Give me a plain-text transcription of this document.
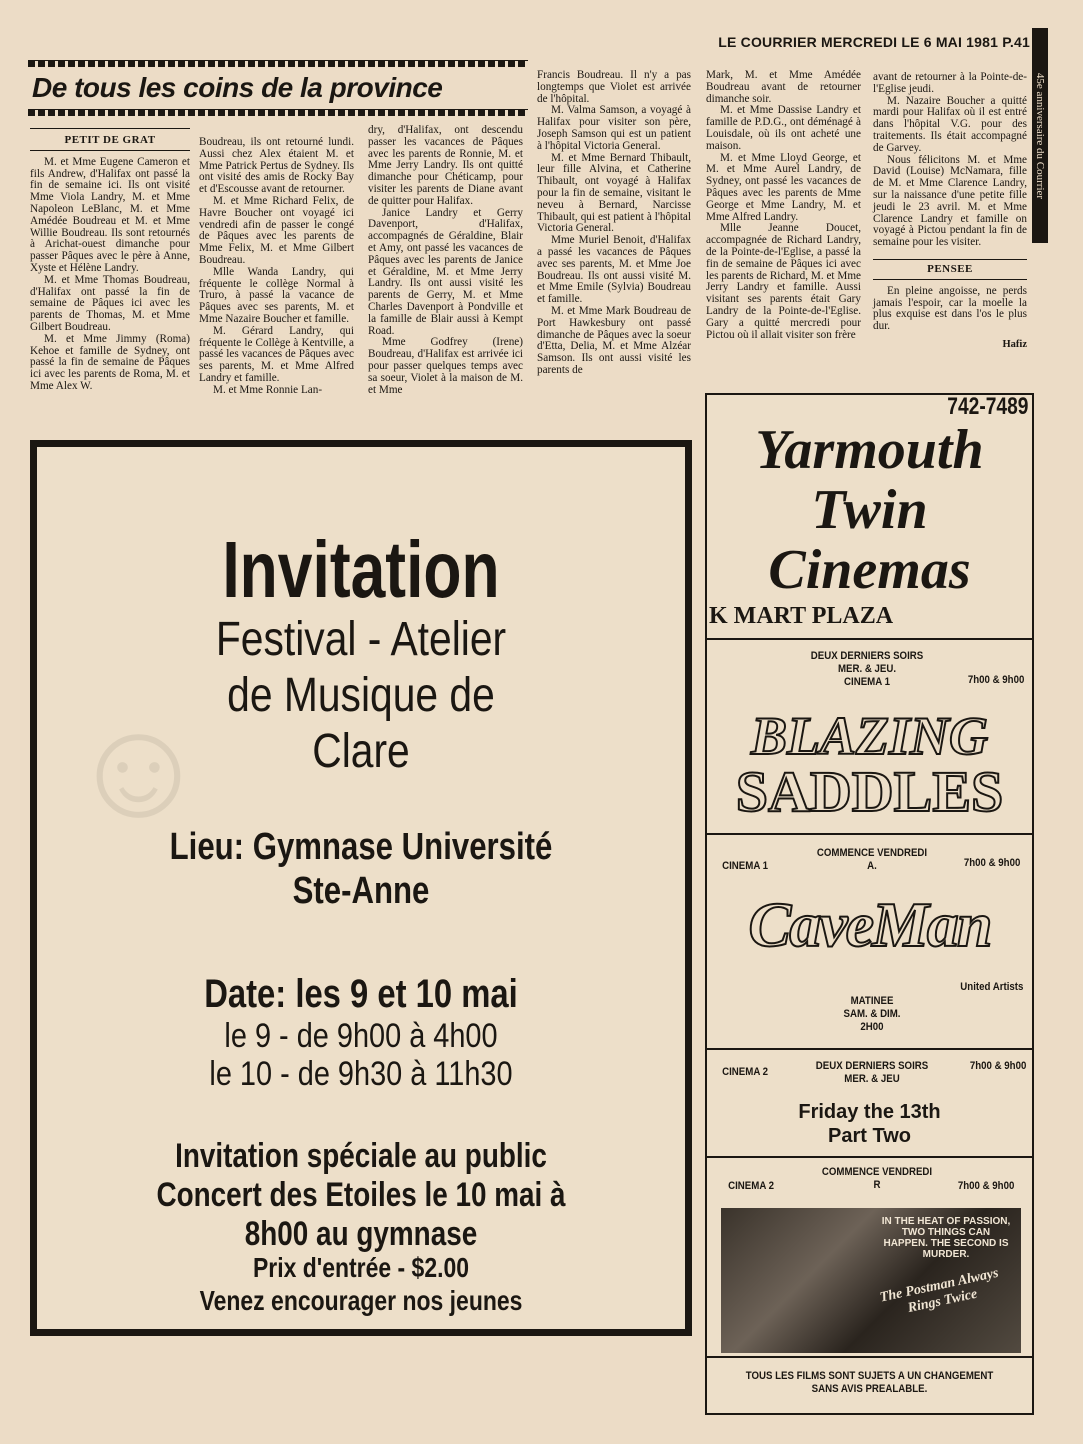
LE COURRIER MERCREDI LE 6 MAI 1981 P.41
45e anniversaire du Courrier
De tous les coins de la province
PETIT DE GRAT

M. et Mme Eugene Cameron et fils Andrew, d'Halifax ont passé la fin de semaine ici. Ils ont visité Mme Viola Landry, M. et Mme Napoleon LeBlanc, M. et Mme Amédée Boudreau et M. et Mme Willie Boudreau. Ils sont retournés à Arichat-ouest dimanche pour passer Pâques avec le père à Anne, Xyste et Hélène Landry.

M. et Mme Thomas Boudreau, d'Halifax ont passé la fin de semaine de Pâques ici avec les parents de Thomas, M. et Mme Gilbert Boudreau.

M. et Mme Jimmy (Roma) Kehoe et famille de Sydney, ont passé la fin de semaine de Pâques ici avec les parents de Roma, M. et Mme Alex W.

Boudreau, ils ont retourné lundi. Aussi chez Alex étaient M. et Mme Patrick Pertus de Sydney. Ils ont visité des amis de Rocky Bay et d'Escousse avant de retourner.

M. et Mme Richard Felix, de Havre Boucher ont voyagé ici vendredi afin de passer le congé de Pâques avec les parents de Mme Felix, M. et Mme Gilbert Boudreau.

Mlle Wanda Landry, qui fréquente le collège Normal à Truro, à passé la vacance de Pâques avec ses parents, M. et Mme Nazaire Boucher et famille.

M. Gérard Landry, qui fréquente le Collège à Kentville, a passé les vacances de Pâques avec ses parents, M. et Mme Alfred Landry et famille.

M. et Mme Ronnie Lan-

dry, d'Halifax, ont descendu passer les vacances de Pâques avec les parents de Ronnie, M. et Mme Jerry Landry. Ils ont quitté dimanche pour Chéticamp, pour visiter les parents de Diane avant de quitter pour Halifax.

Janice Landry et Gerry Davenport, d'Halifax, accompagnés de Géraldine, Blair et Amy, ont passé les vacances de Pâques avec les parents de Janice et Géraldine, M. et Mme Jerry Landry. Ils ont aussi visité les parents de Gerry, M. et Mme Charles Davenport à Pondville et la famille de Blair aussi à Kempt Road.

Mme Godfrey (Irene) Boudreau, d'Halifax est arrivée ici pour passer quelques temps avec sa soeur, Violet à la maison de M. et Mme

Francis Boudreau. Il n'y a pas longtemps que Violet est arrivée de l'hôpital.

M. Valma Samson, a voyagé à Halifax pour visiter son père, Joseph Samson qui est un patient à l'hôpital Victoria General.

M. et Mme Bernard Thibault, leur fille Alvina, et Catherine Thibault, ont voyagé à Halifax pour la fin de semaine, visitant le neveu à Bernard, Narcisse Thibault, qui est patient à l'hôpital Victoria General.

Mme Muriel Benoit, d'Halifax a passé les vacances de Pâques avec ses parents, M. et Mme Joe Boudreau. Ils ont aussi visité M. et Mme Emile (Sylvia) Boudreau et famille.

M. et Mme Mark Boudreau de Port Hawkesbury ont passé dimanche de Pâques avec la soeur d'Etta, Delia, M. et Mme Alzéar Samson. Ils ont aussi visité les parents de

Mark, M. et Mme Amédée Boudreau avant de retourner dimanche soir.

M. et Mme Dassise Landry et famille de P.D.G., ont déménagé à Louisdale, où ils ont acheté une maison.

M. et Mme Lloyd George, et M. et Mme Aurel Landry, de Sydney, ont passé les vacances de Pâques avec les parents de Mme George et Mme Landry, M. et Mme Alfred Landry.

Mlle Jeanne Doucet, accompagnée de Richard Landry, de la Pointe-de-l'Eglise, a passé la fin de semaine de Pâques ici avec les parents de Richard, M. et Mme Jerry Landry et famille. Aussi visitant ses parents était Gary Landry de la Pointe-de-l'Eglise. Gary a quitté mercredi pour Pictou où il allait visiter son frère

avant de retourner à la Pointe-de-l'Eglise jeudi.

M. Nazaire Boucher a quitté mardi pour Halifax où il est entré dans l'hôpital V.G. pour des traitements. Ils était accompagné de Garvey.

Nous félicitons M. et Mme David (Louise) McNamara, fille de M. et Mme Clarence Landry, sur la naissance d'une petite fille jeudi le 23 avril. M. et Mme Clarence Landry et famille on voyagé à Pictou pendant la fin de semaine pour les visiter.

PENSEE

En pleine angoisse, ne perds jamais l'espoir, car la moelle la plus exquise est dans l'os le plus dur.

Hafiz
☺
Invitation
Festival - Atelier
de Musique de
Clare
Lieu: Gymnase Université
Ste-Anne
Date: les 9 et 10 mai
le 9 - de 9h00 à 4h00
le 10 - de 9h30 à 11h30
Invitation spéciale au public
Concert des Etoiles le 10 mai à
8h00 au gymnase
Prix d'entrée - $2.00
Venez encourager nos jeunes
742-7489
Yarmouth
Twin
Cinemas
K MART PLAZA
DEUX DERNIERS SOIRS
MER. & JEU.
CINEMA 1	7h00 & 9h00
BLAZING
SADDLES
CINEMA 1
COMMENCE VENDREDI
A.	7h00 & 9h00
CaveMan
United Artists
MATINEE
SAM. & DIM.
2H00
CINEMA 2	DEUX DERNIERS SOIRS
MER. & JEU
7h00 & 9h00
Friday the 13th
Part Two
COMMENCE VENDREDI
R
CINEMA 2	7h00 & 9h00
IN THE HEAT OF PASSION, TWO THINGS CAN HAPPEN. THE SECOND IS MURDER.
The Postman Always Rings Twice
TOUS LES FILMS SONT SUJETS A UN CHANGEMENT
SANS AVIS PREALABLE.
